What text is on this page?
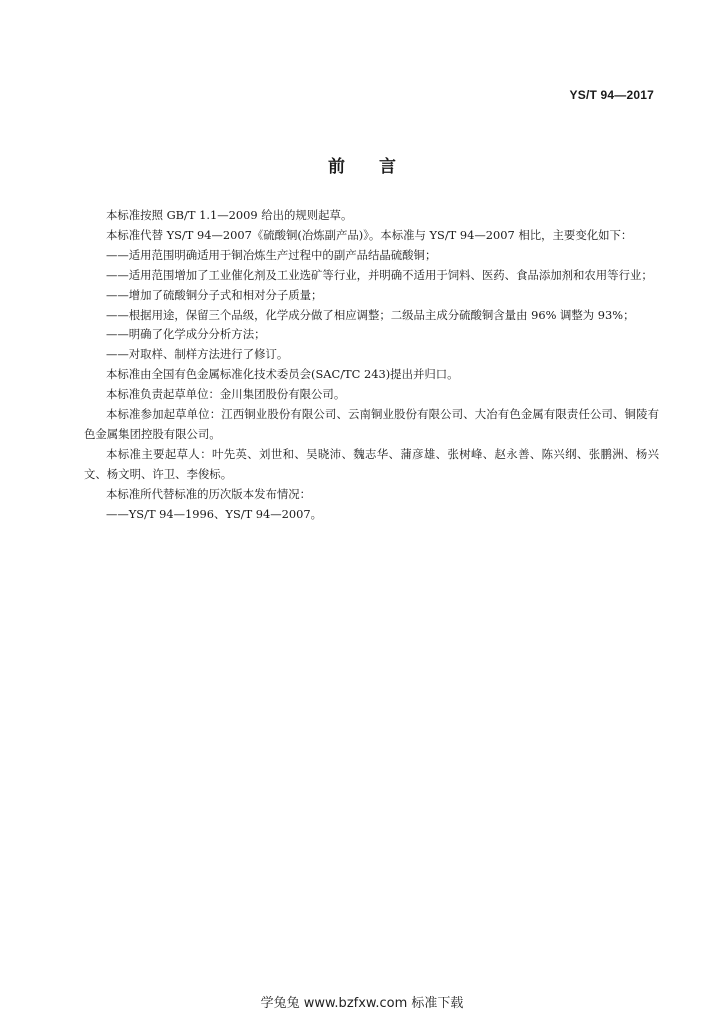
YS/T 94—2017
前言

本标准按照 GB/T 1.1—2009 给出的规则起草。

本标准代替 YS/T 94—2007《硫酸铜(冶炼副产品)》。本标准与 YS/T 94—2007 相比，主要变化如下：

——适用范围明确适用于铜冶炼生产过程中的副产品结晶硫酸铜；

——适用范围增加了工业催化剂及工业选矿等行业，并明确不适用于饲料、医药、食品添加剂和农用等行业；

——增加了硫酸铜分子式和相对分子质量；

——根据用途，保留三个品级，化学成分做了相应调整；二级品主成分硫酸铜含量由 96% 调整为 93%；

——明确了化学成分分析方法；

——对取样、制样方法进行了修订。

本标准由全国有色金属标准化技术委员会(SAC/TC 243)提出并归口。

本标准负责起草单位：金川集团股份有限公司。

本标准参加起草单位：江西铜业股份有限公司、云南铜业股份有限公司、大冶有色金属有限责任公司、铜陵有色金属集团控股有限公司。

本标准主要起草人：叶先英、刘世和、吴晓沛、魏志华、蒲彦雄、张树峰、赵永善、陈兴纲、张鹏洲、杨兴文、杨文明、许卫、李俊标。

本标准所代替标准的历次版本发布情况：

——YS/T 94—1996、YS/T 94—2007。

学兔兔 www.bzfxw.com 标准下载
